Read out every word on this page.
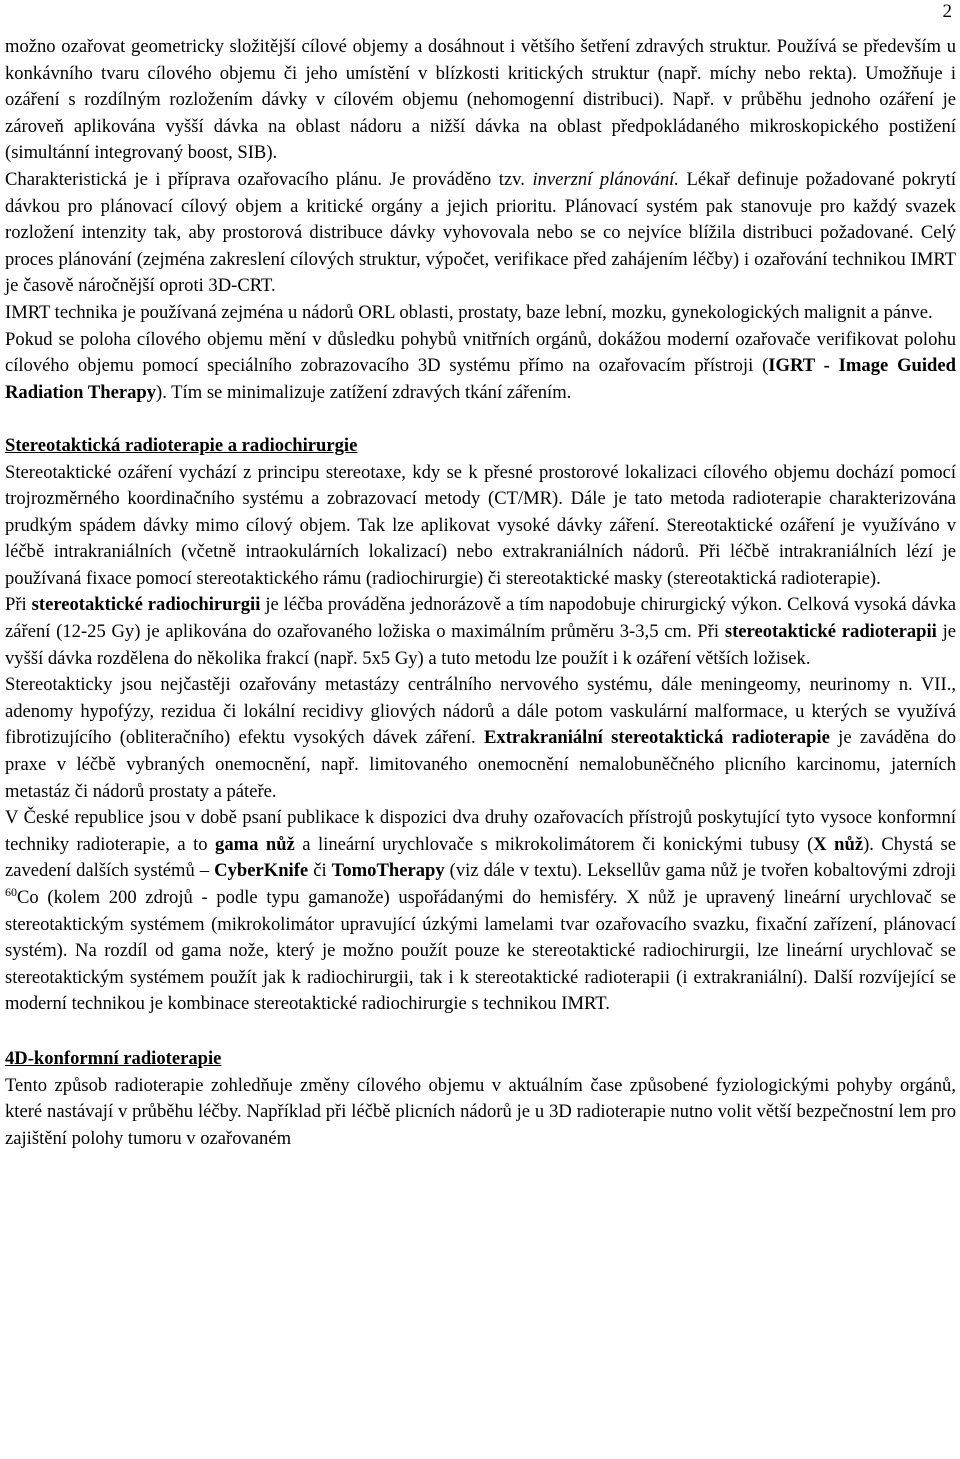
2

možno ozařovat geometricky složitější cílové objemy a dosáhnout i většího šetření zdravých struktur. Používá se především u konkávního tvaru cílového objemu či jeho umístění v blízkosti kritických struktur (např. míchy nebo rekta). Umožňuje i ozáření s rozdílným rozložením dávky v cílovém objemu (nehomogenní distribuci). Např. v průběhu jednoho ozáření je zároveň aplikována vyšší dávka na oblast nádoru a nižší dávka na oblast předpokládaného mikroskopického postižení (simultánní integrovaný boost, SIB).

Charakteristická je i příprava ozařovacího plánu. Je prováděno tzv. inverzní plánování. Lékař definuje požadované pokrytí dávkou pro plánovací cílový objem a kritické orgány a jejich prioritu. Plánovací systém pak stanovuje pro každý svazek rozložení intenzity tak, aby prostorová distribuce dávky vyhovovala nebo se co nejvíce blížila distribuci požadované. Celý proces plánování (zejména zakreslení cílových struktur, výpočet, verifikace před zahájením léčby) i ozařování technikou IMRT je časově náročnější oproti 3D-CRT.

IMRT technika je používaná zejména u nádorů ORL oblasti, prostaty, baze lební, mozku, gynekologických malignit a pánve.

Pokud se poloha cílového objemu mění v důsledku pohybů vnitřních orgánů, dokážou moderní ozařovače verifikovat polohu cílového objemu pomocí speciálního zobrazovacího 3D systému přímo na ozařovacím přístroji (IGRT - Image Guided Radiation Therapy). Tím se minimalizuje zatížení zdravých tkání zářením.

Stereotaktická radioterapie a radiochirurgie

Stereotaktické ozáření vychází z principu stereotaxe, kdy se k přesné prostorové lokalizaci cílového objemu dochází pomocí trojrozměrného koordinačního systému a zobrazovací metody (CT/MR). Dále je tato metoda radioterapie charakterizována prudkým spádem dávky mimo cílový objem. Tak lze aplikovat vysoké dávky záření. Stereotaktické ozáření je využíváno v léčbě intrakraniálních (včetně intraokulárních lokalizací) nebo extrakraniálních nádorů. Při léčbě intrakraniálních lézí je používaná fixace pomocí stereotaktického rámu (radiochirurgie) či stereotaktické masky (stereotaktická radioterapie).

Při stereotaktické radiochirurgii je léčba prováděna jednorázově a tím napodobuje chirurgický výkon. Celková vysoká dávka záření (12-25 Gy) je aplikována do ozařovaného ložiska o maximálním průměru 3-3,5 cm. Při stereotaktické radioterapii je vyšší dávka rozdělena do několika frakcí (např. 5x5 Gy) a tuto metodu lze použít i k ozáření větších ložisek.

Stereotakticky jsou nejčastěji ozařovány metastázy centrálního nervového systému, dále meningeomy, neurinomy n. VII., adenomy hypofýzy, rezidua či lokální recidivy gliových nádorů a dále potom vaskulární malformace, u kterých se využívá fibrotizujícího (obliteračního) efektu vysokých dávek záření. Extrakraniální stereotaktická radioterapie je zaváděna do praxe v léčbě vybraných onemocnění, např. limitovaného onemocnění nemalobuněčného plicního karcinomu, jaterních metastáz či nádorů prostaty a páteře.

V České republice jsou v době psaní publikace k dispozici dva druhy ozařovacích přístrojů poskytující tyto vysoce konformní techniky radioterapie, a to gama nůž a lineární urychlovače s mikrokolimátorem či konickými tubusy (X nůž). Chystá se zavedení dalších systémů – CyberKnife či TomoTherapy (viz dále v textu). Leksellův gama nůž je tvořen kobaltovými zdroji $^{60}$Co (kolem 200 zdrojů - podle typu gamanože) uspořádanými do hemisféry. X nůž je upravený lineární urychlovač se stereotaktickým systémem (mikrokolimátor upravující úzkými lamelami tvar ozařovacího svazku, fixační zařízení, plánovací systém). Na rozdíl od gama nože, který je možno použít pouze ke stereotaktické radiochirurgii, lze lineární urychlovač se stereotaktickým systémem použít jak k radiochirurgii, tak i k stereotaktické radioterapii (i extrakraniální). Další rozvíjející se moderní technikou je kombinace stereotaktické radiochirurgie s technikou IMRT.

4D-konformní radioterapie

Tento způsob radioterapie zohledňuje změny cílového objemu v aktuálním čase způsobené fyziologickými pohyby orgánů, které nastávají v průběhu léčby. Například při léčbě plicních nádorů je u 3D radioterapie nutno volit větší bezpečnostní lem pro zajištění polohy tumoru v ozařovaném
